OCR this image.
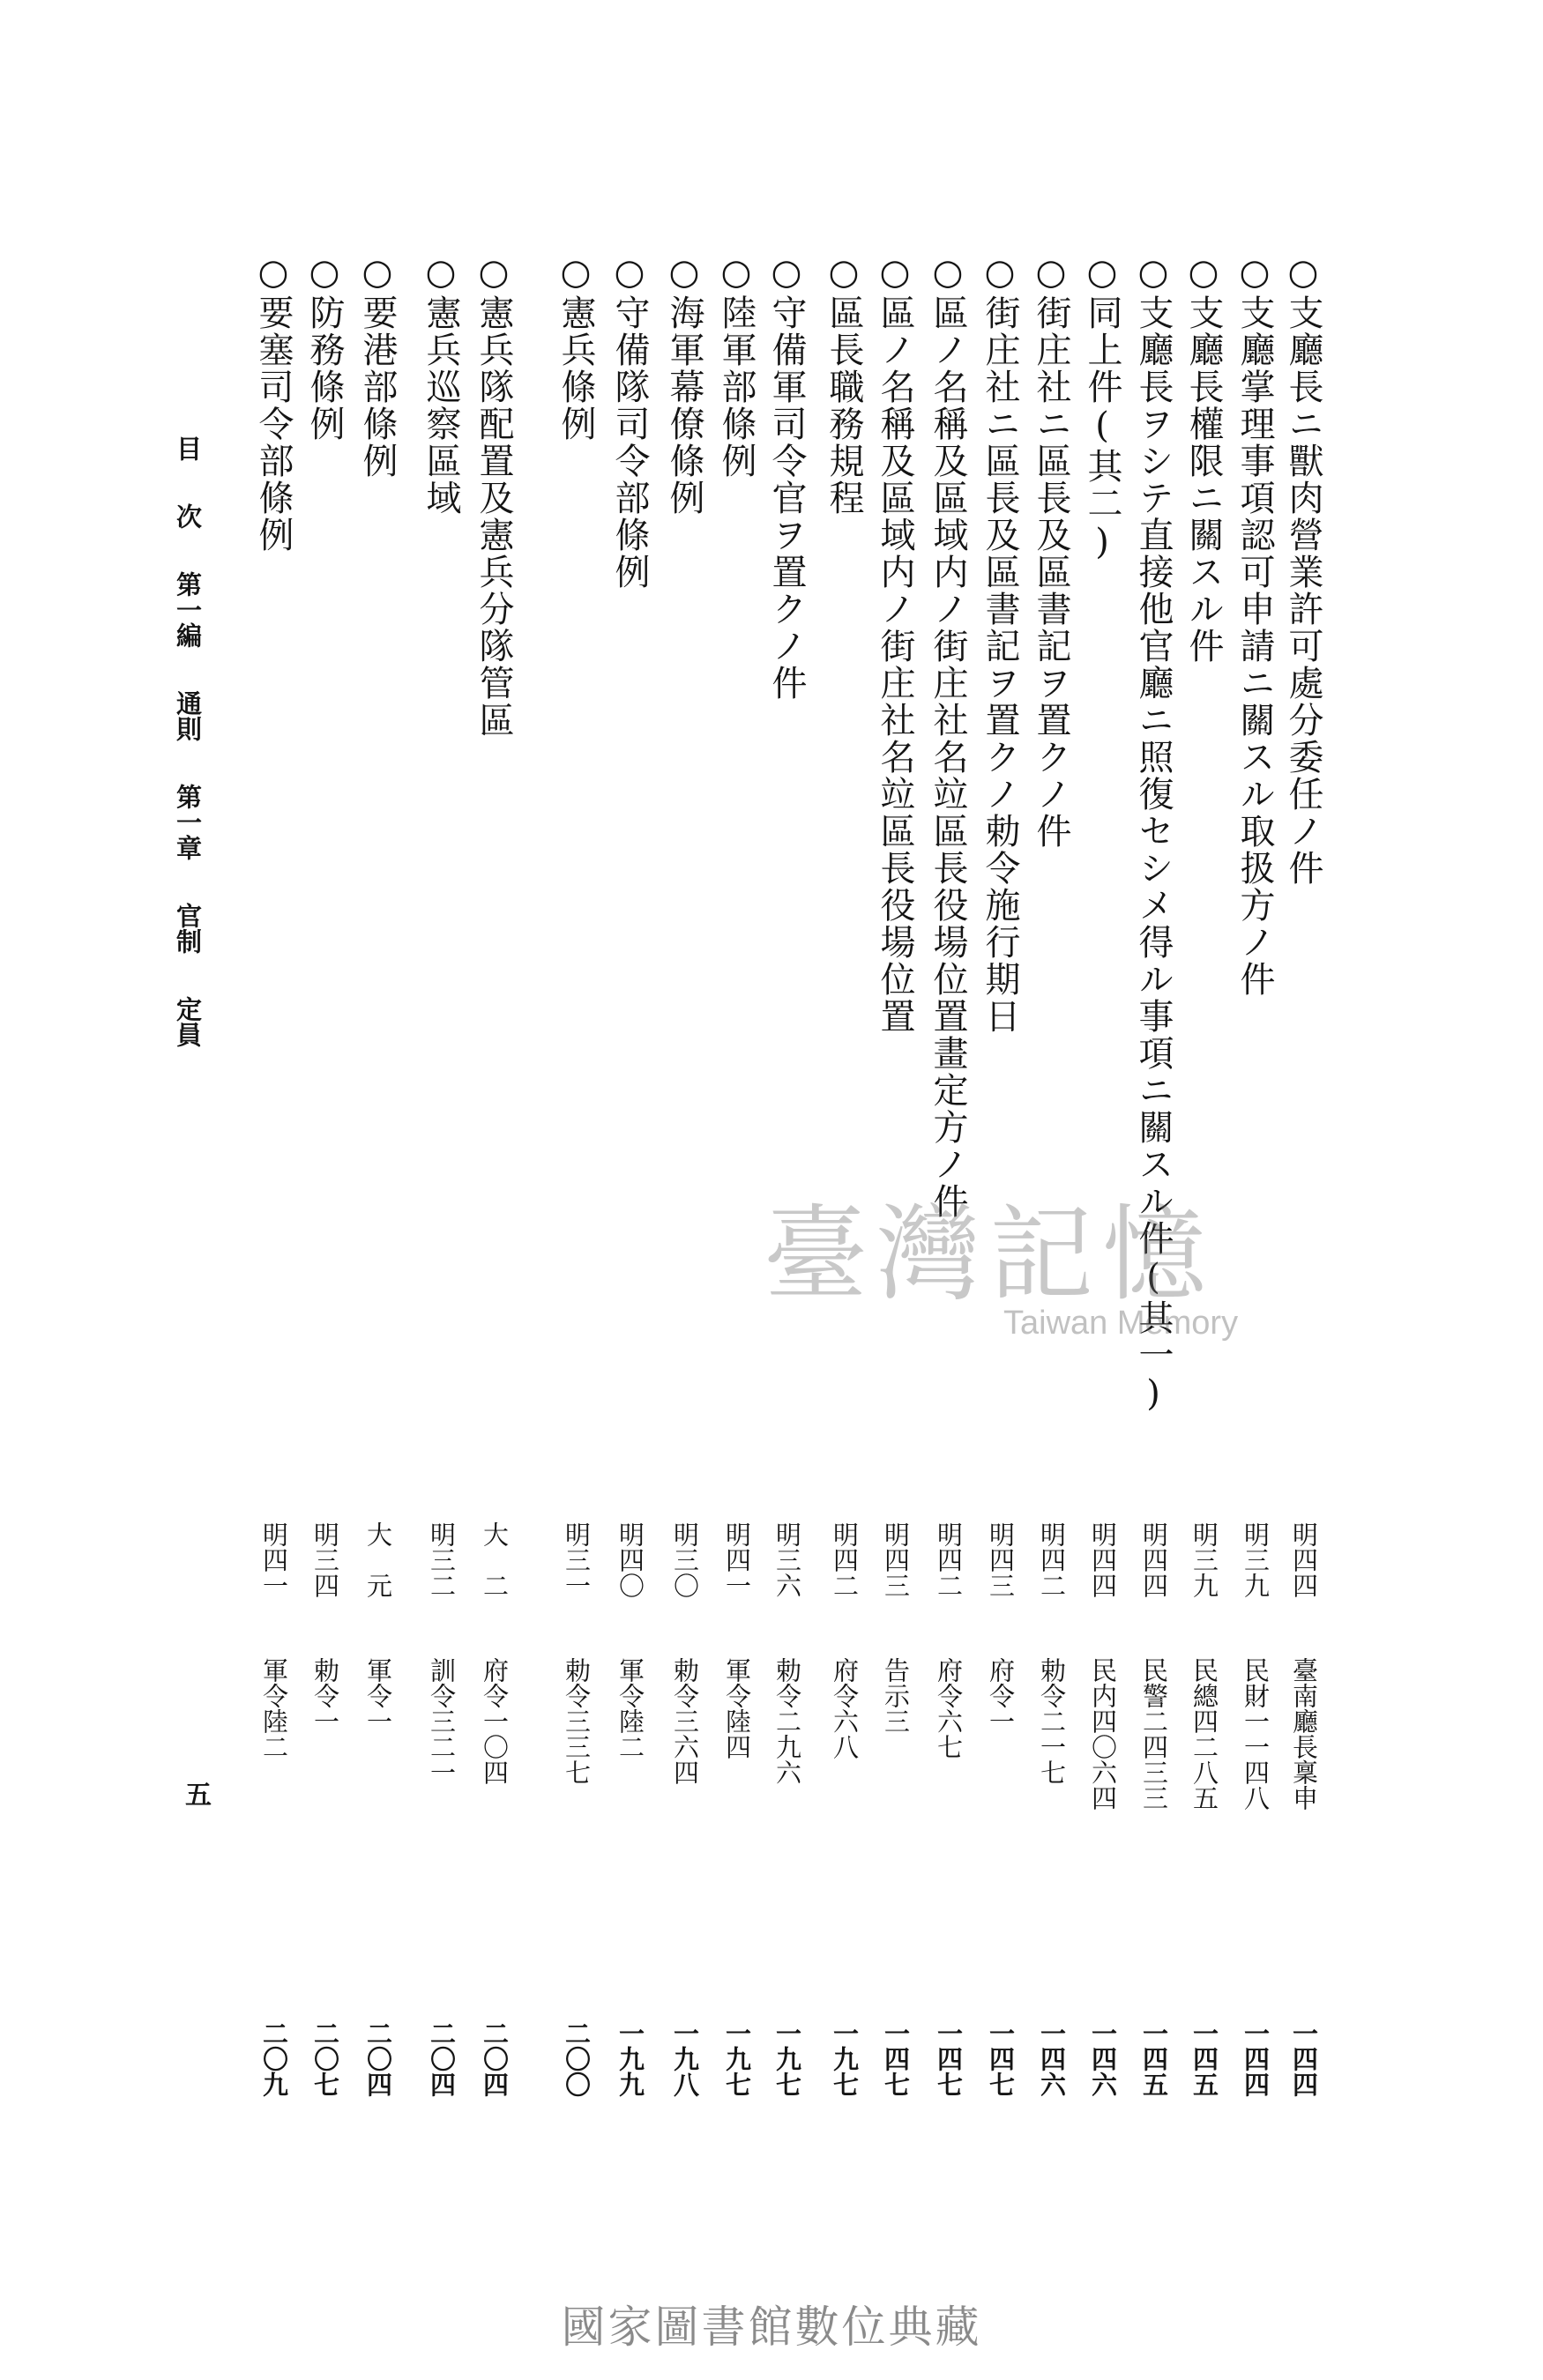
○支廳長ニ獸肉營業許可處分委任ノ件
○支廳掌理事項認可申請ニ關スル取扱方ノ件
○支廳長權限ニ關スル件
○支廳長ヲシテ直接他官廳ニ照復セシメ得ル事項ニ關スル件(其一)
○同上件(其二)
○街庄社ニ區長及區書記ヲ置クノ件
○街庄社ニ區長及區書記ヲ置クノ勅令施行期日
○區ノ名稱及區域内ノ街庄社名竝區長役場位置畫定方ノ件
○區ノ名稱及區域内ノ街庄社名竝區長役場位置
○區長職務規程
○守備軍司令官ヲ置クノ件
○陸軍部條例
○海軍幕僚條例
○守備隊司令部條例
○憲兵條例
○憲兵隊配置及憲兵分隊管區
○憲兵巡察區域
○要港部條例
○防務條例
○要塞司令部條例
明四四
明三九
明三九
明四四
明四四
明四二
明四三
明四二
明四三
明四二
明三六
明四一
明三〇
明四〇
明三一
大　二
明三二
大　元
明三四
明四一
臺南廳長稟申
民財一一四八
民總四二八五
民警二四三三
民内四〇六四
勅令二一七
府令一
府令六七
告示三
府令六八
勅令二九六
軍令陸四
勅令三六四
軍令陸二
勅令三三七
府令一〇四
訓令三二一
軍令一
勅令一
軍令陸二
一四四
一四四
一四五
一四五
一四六
一四六
一四七
一四七
一四七
一九七
一九七
一九七
一九八
一九九
二〇〇
二〇四
二〇四
二〇四
二〇七
二〇九
目 次 第一編 通則 第一章 官制 定員
五
臺灣記憶
Taiwan Memory
國家圖書館數位典藏
